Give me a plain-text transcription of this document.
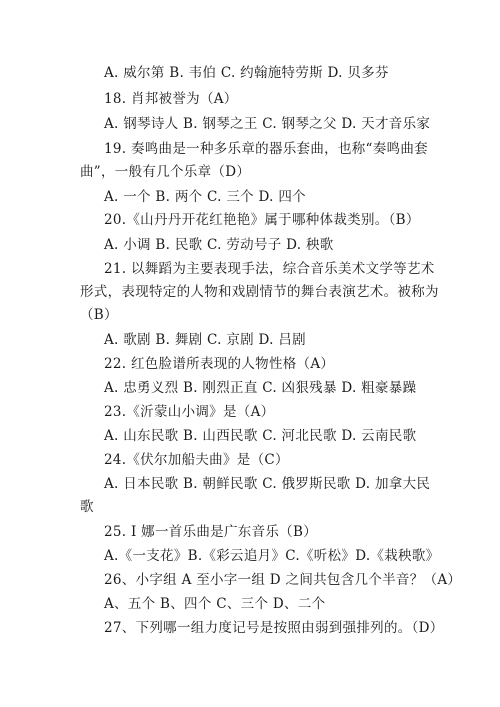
A. 威尔第 B. 韦伯 C. 约翰施特劳斯 D. 贝多芬
18. 肖邦被誉为（A）
A. 钢琴诗人 B. 钢琴之王 C. 钢琴之父 D. 天才音乐家
19. 奏鸣曲是一种多乐章的器乐套曲，也称“奏鸣曲套
曲”，一般有几个乐章（D）
A. 一个 B. 两个 C. 三个 D. 四个
20.《山丹丹开花红艳艳》属于哪种体裁类别。（B）
A. 小调 B. 民歌 C. 劳动号子 D. 秧歌
21. 以舞蹈为主要表现手法，综合音乐美术文学等艺术
形式，表现特定的人物和戏剧情节的舞台表演艺术。被称为
（B）
A. 歌剧 B. 舞剧 C. 京剧 D. 吕剧
22. 红色脸谱所表现的人物性格（A）
A. 忠勇义烈 B. 刚烈正直 C. 凶狠残暴 D. 粗豪暴躁
23.《沂蒙山小调》是（A）
A. 山东民歌 B. 山西民歌 C. 河北民歌 D. 云南民歌
24.《伏尔加船夫曲》是（C）
A. 日本民歌 B. 朝鲜民歌 C. 俄罗斯民歌 D. 加拿大民
歌
25. I 娜一首乐曲是广东音乐（B）
A.《一支花》B.《彩云追月》C.《听松》D.《栽秧歌》
26、小字组 A 至小字一组 D 之间共包含几个半音？（A）
A、五个 B、四个 C、三个 D、二个
27、下列哪一组力度记号是按照由弱到强排列的。（D）
